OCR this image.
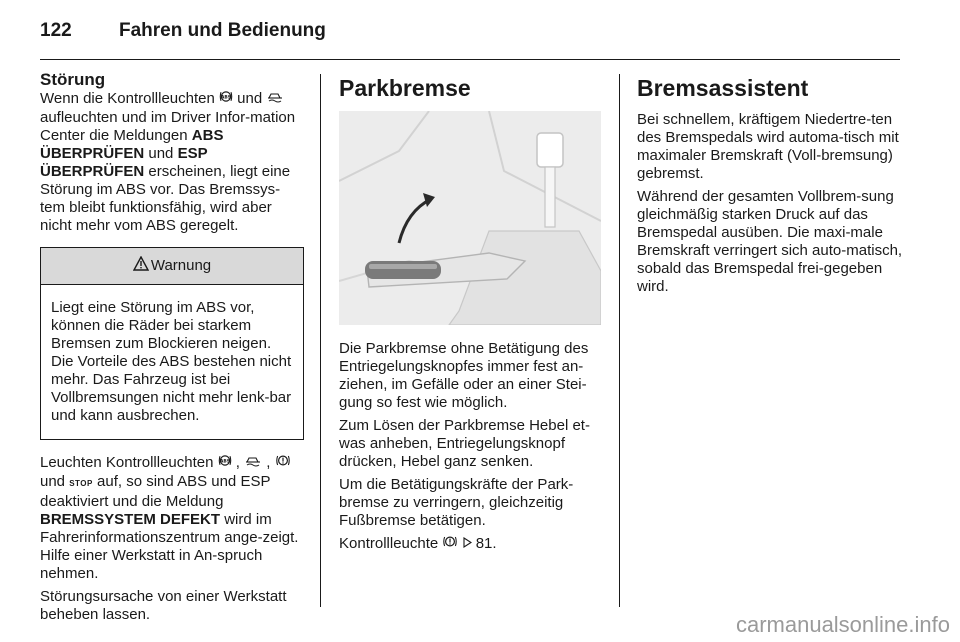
122 Fahren und Bedienung
Störung

Wenn die Kontrollleuchten ABS und  aufleuchten und im Driver Infor-mation Center die Meldungen ABS ÜBERPRÜFEN und ESP ÜBERPRÜFEN erscheinen, liegt eine Störung im ABS vor. Das Bremssys-tem bleibt funktionsfähig, wird aber nicht mehr vom ABS geregelt.

Warnung
Liegt eine Störung im ABS vor, können die Räder bei starkem Bremsen zum Blockieren neigen. Die Vorteile des ABS bestehen nicht mehr. Das Fahrzeug ist bei Vollbremsungen nicht mehr lenk-bar und kann ausbrechen.

Leuchten Kontrollleuchten ABS , ,  und STOP auf, so sind ABS und ESP deaktiviert und die Meldung BREMSSYSTEM DEFEKT wird im Fahrerinformationszentrum ange-zeigt. Hilfe einer Werkstatt in An-spruch nehmen.

Störungsursache von einer Werkstatt beheben lassen.

Parkbremse

Die Parkbremse ohne Betätigung des Entriegelungsknopfes immer fest an-ziehen, im Gefälle oder an einer Stei-gung so fest wie möglich.

Zum Lösen der Parkbremse Hebel et-was anheben, Entriegelungsknopf drücken, Hebel ganz senken.

Um die Betätigungskräfte der Park-bremse zu verringern, gleichzeitig Fußbremse betätigen.

Kontrollleuchte 81.

Bremsassistent

Bei schnellem, kräftigem Niedertre-ten des Bremspedals wird automa-tisch mit maximaler Bremskraft (Voll-bremsung) gebremst.

Während der gesamten Vollbrem-sung gleichmäßig starken Druck auf das Bremspedal ausüben. Die maxi-male Bremskraft verringert sich auto-matisch, sobald das Bremspedal frei-gegeben wird.

carmanualsonline.info
